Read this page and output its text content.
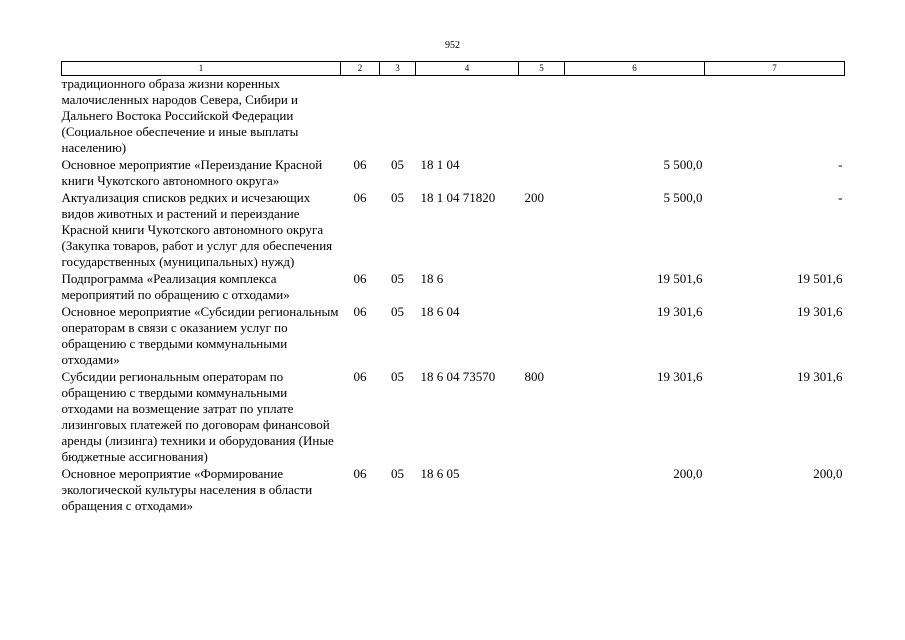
952
1	2	3	4	5	6	7
традиционного образа жизни коренных малочисленных народов Севера, Сибири и Дальнего Востока Российской Федерации (Социальное обеспечение и иные выплаты населению)						
Основное мероприятие «Переиздание Красной книги Чукотского автономного округа»	06	05	18 1 04		5 500,0	-
Актуализация списков редких и исчезающих видов животных и растений и переиздание Красной книги Чукотского автономного округа (Закупка товаров, работ и услуг для обеспечения государственных (муниципальных) нужд)	06	05	18 1 04 71820	200	5 500,0	-
Подпрограмма «Реализация комплекса мероприятий по обращению с отходами»	06	05	18 6		19 501,6	19 501,6
Основное мероприятие «Субсидии региональным операторам в связи с оказанием услуг по обращению с твердыми коммунальными отходами»	06	05	18 6 04		19 301,6	19 301,6
Субсидии региональным операторам по обращению с твердыми коммунальными отходами на возмещение затрат по уплате лизинговых платежей по договорам финансовой аренды (лизинга) техники и оборудования (Иные бюджетные ассигнования)	06	05	18 6 04 73570	800	19 301,6	19 301,6
Основное мероприятие «Формирование экологической культуры населения в области обращения с отходами»	06	05	18 6 05		200,0	200,0
